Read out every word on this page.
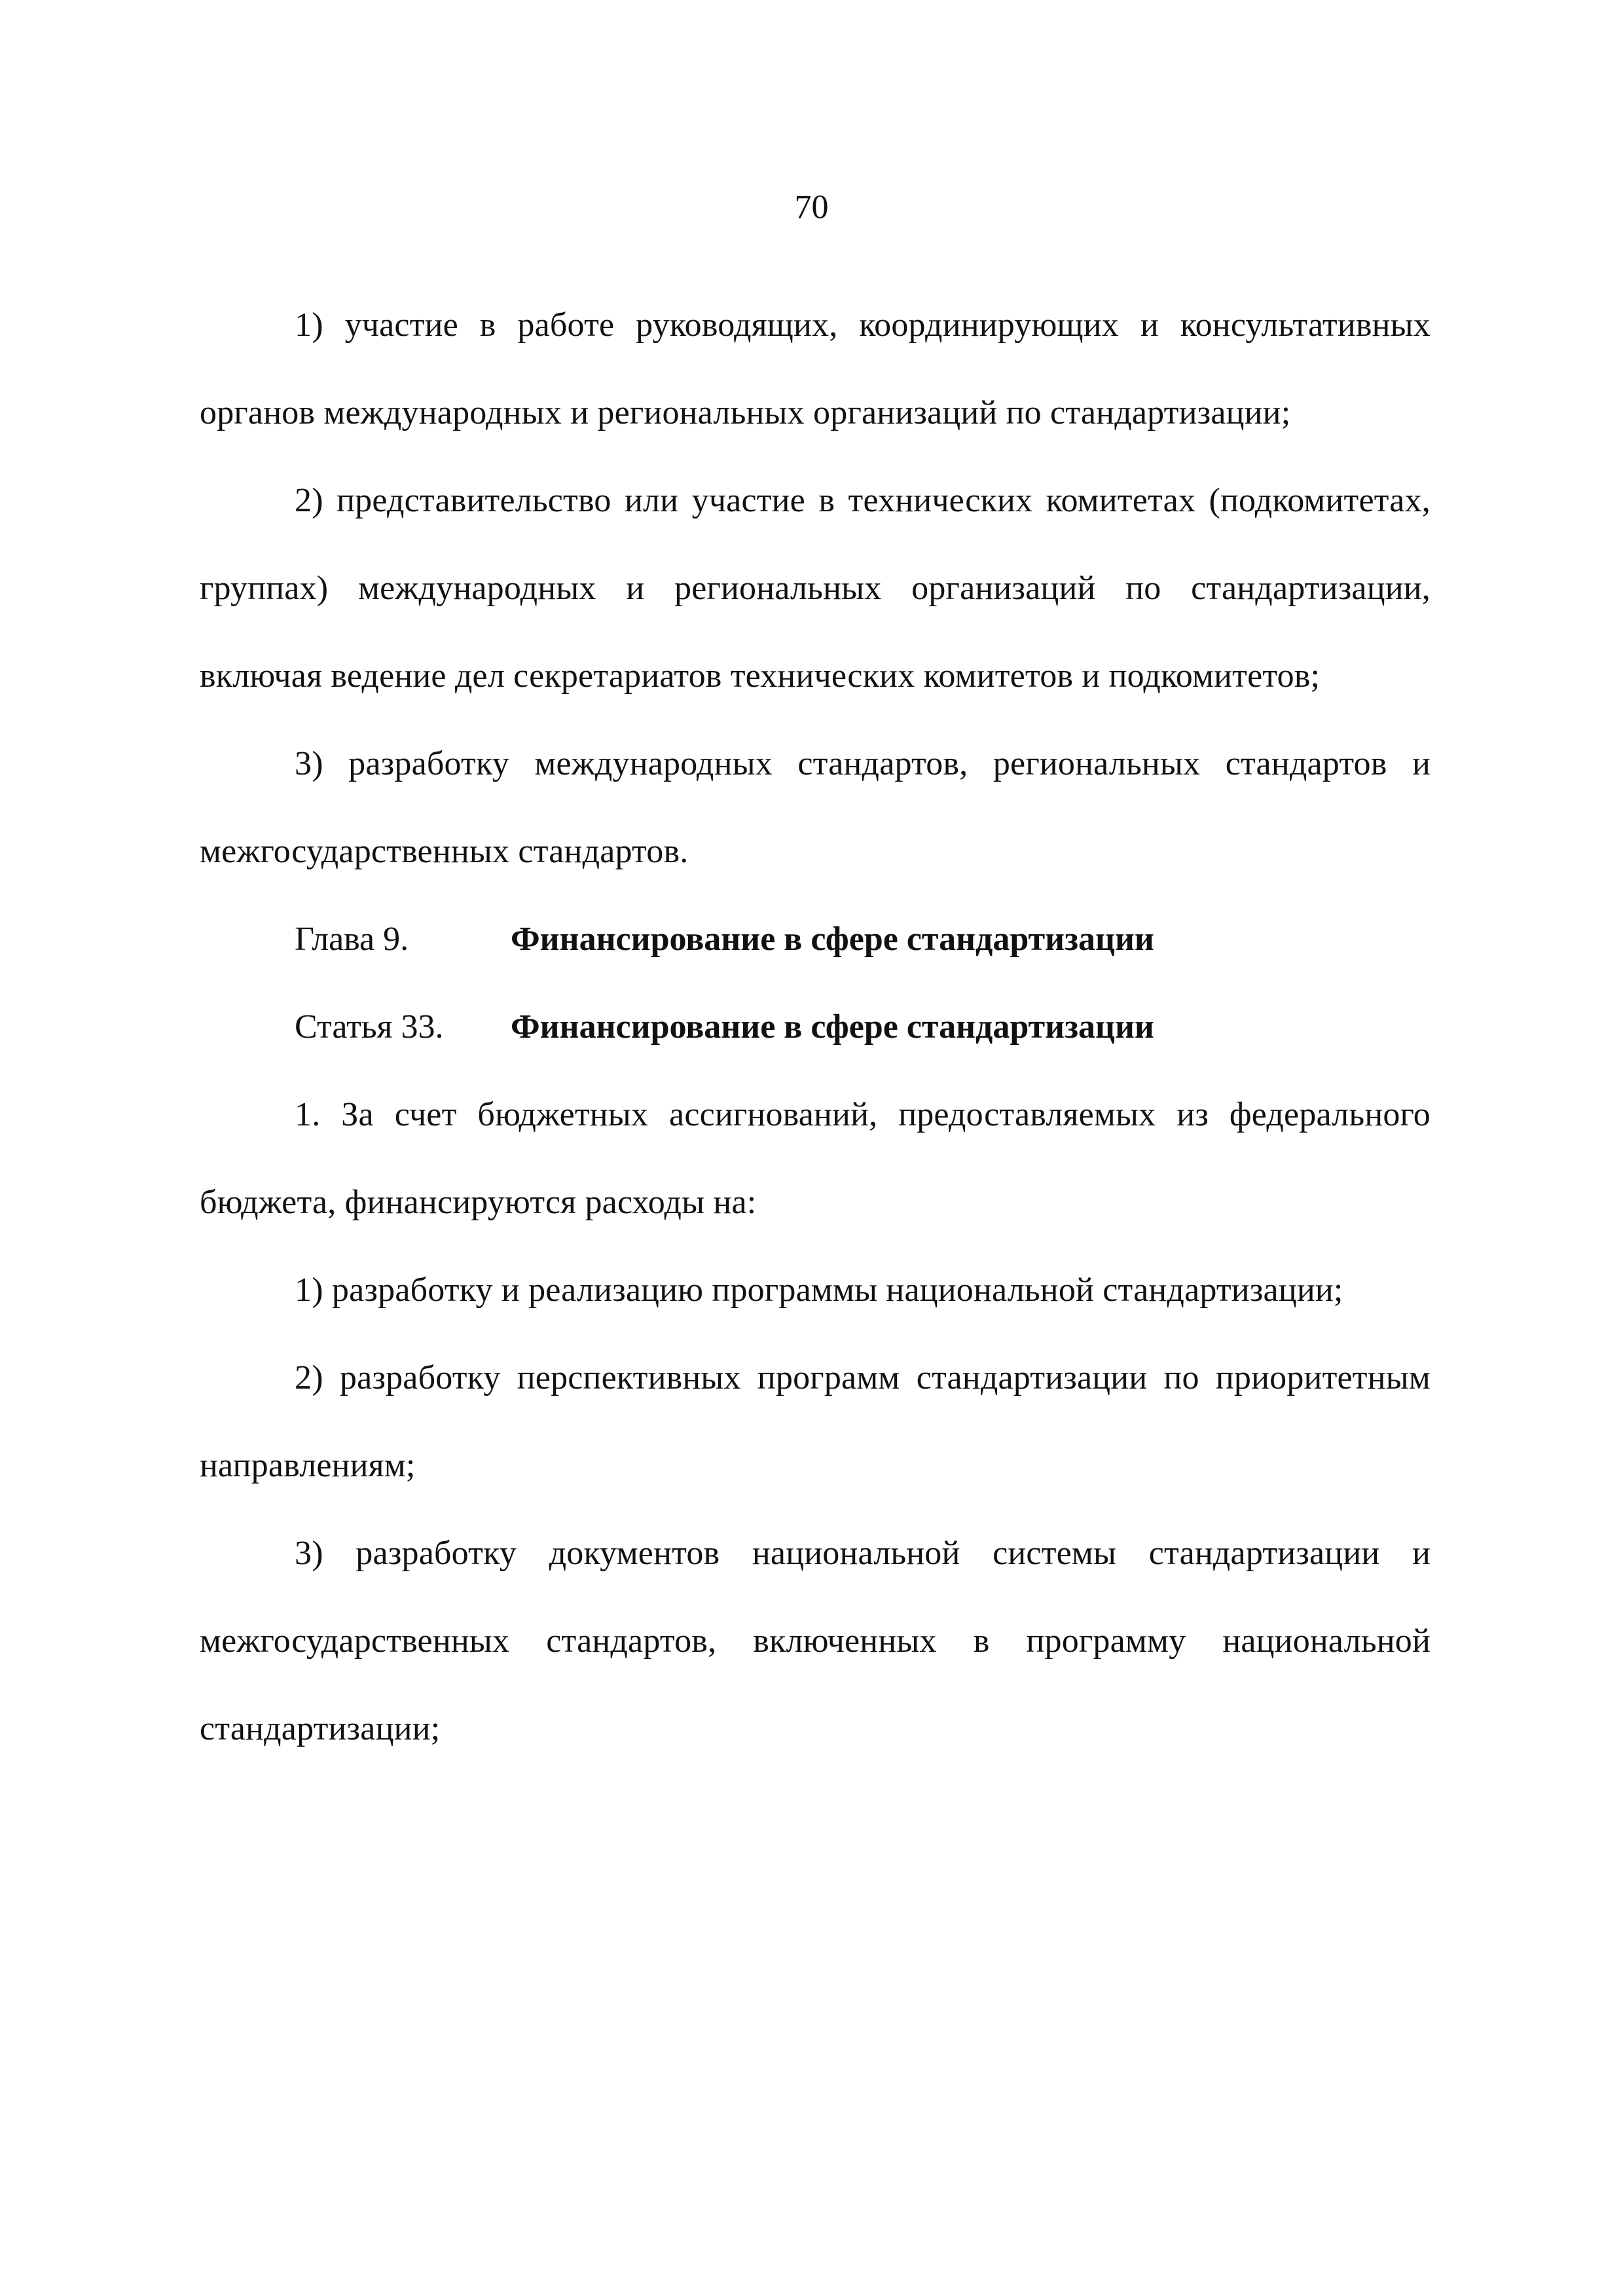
70

1) участие в работе руководящих, координирующих и консультативных органов международных и региональных организаций по стандартизации;

2) представительство или участие в технических комитетах (подкомитетах, группах) международных и региональных организаций по стандартизации, включая ведение дел секретариатов технических комитетов и подкомитетов;

3) разработку международных стандартов, региональных стандартов и межгосударственных стандартов.

Глава 9.	Финансирование в сфере стандартизации
Статья 33.	Финансирование в сфере стандартизации

1. За счет бюджетных ассигнований, предоставляемых из федерального бюджета, финансируются расходы на:

1) разработку и реализацию программы национальной стандартизации;

2) разработку перспективных программ стандартизации по приоритетным направлениям;

3) разработку документов национальной системы стандартизации и межгосударственных стандартов, включенных в программу национальной стандартизации;
